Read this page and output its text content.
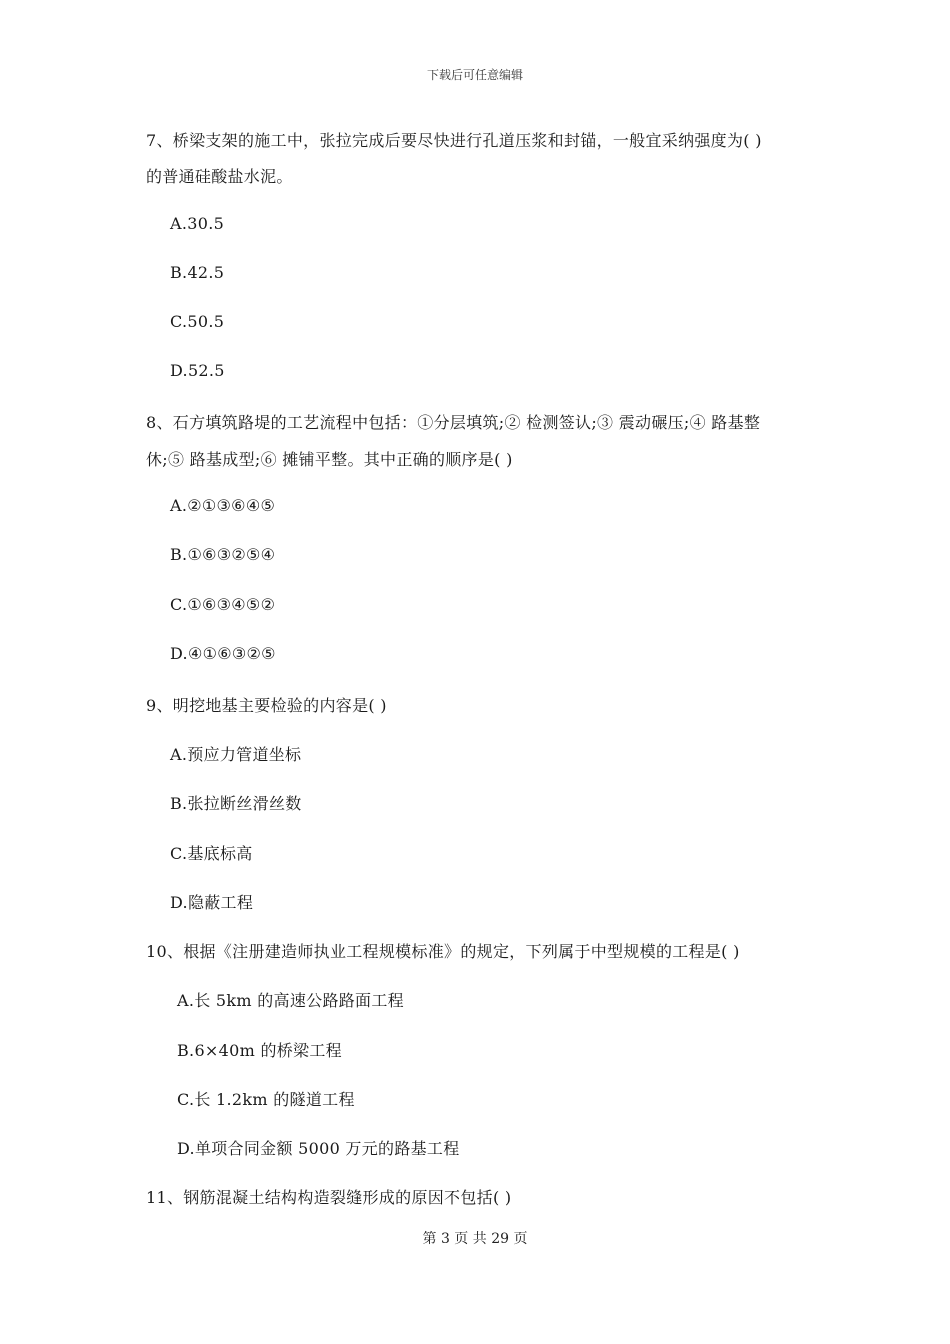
下载后可任意编辑
7、桥梁支架的施工中，张拉完成后要尽快进行孔道压浆和封锚，一般宜采纳强度为( )
的普通硅酸盐水泥。
A.30.5
B.42.5
C.50.5
D.52.5
8、石方填筑路堤的工艺流程中包括：①分层填筑;② 检测签认;③ 震动碾压;④ 路基整
休;⑤ 路基成型;⑥ 摊铺平整。其中正确的顺序是( )
A.②①③⑥④⑤
B.①⑥③②⑤④
C.①⑥③④⑤②
D.④①⑥③②⑤
9、明挖地基主要检验的内容是( )
A.预应力管道坐标
B.张拉断丝滑丝数
C.基底标高
D.隐蔽工程
10、根据《注册建造师执业工程规模标准》的规定，下列属于中型规模的工程是( )
A.长 5km 的高速公路路面工程
B.6×40m 的桥梁工程
C.长 1.2km 的隧道工程
D.单项合同金额 5000 万元的路基工程
11、钢筋混凝土结构构造裂缝形成的原因不包括( )
第 3 页 共 29 页
